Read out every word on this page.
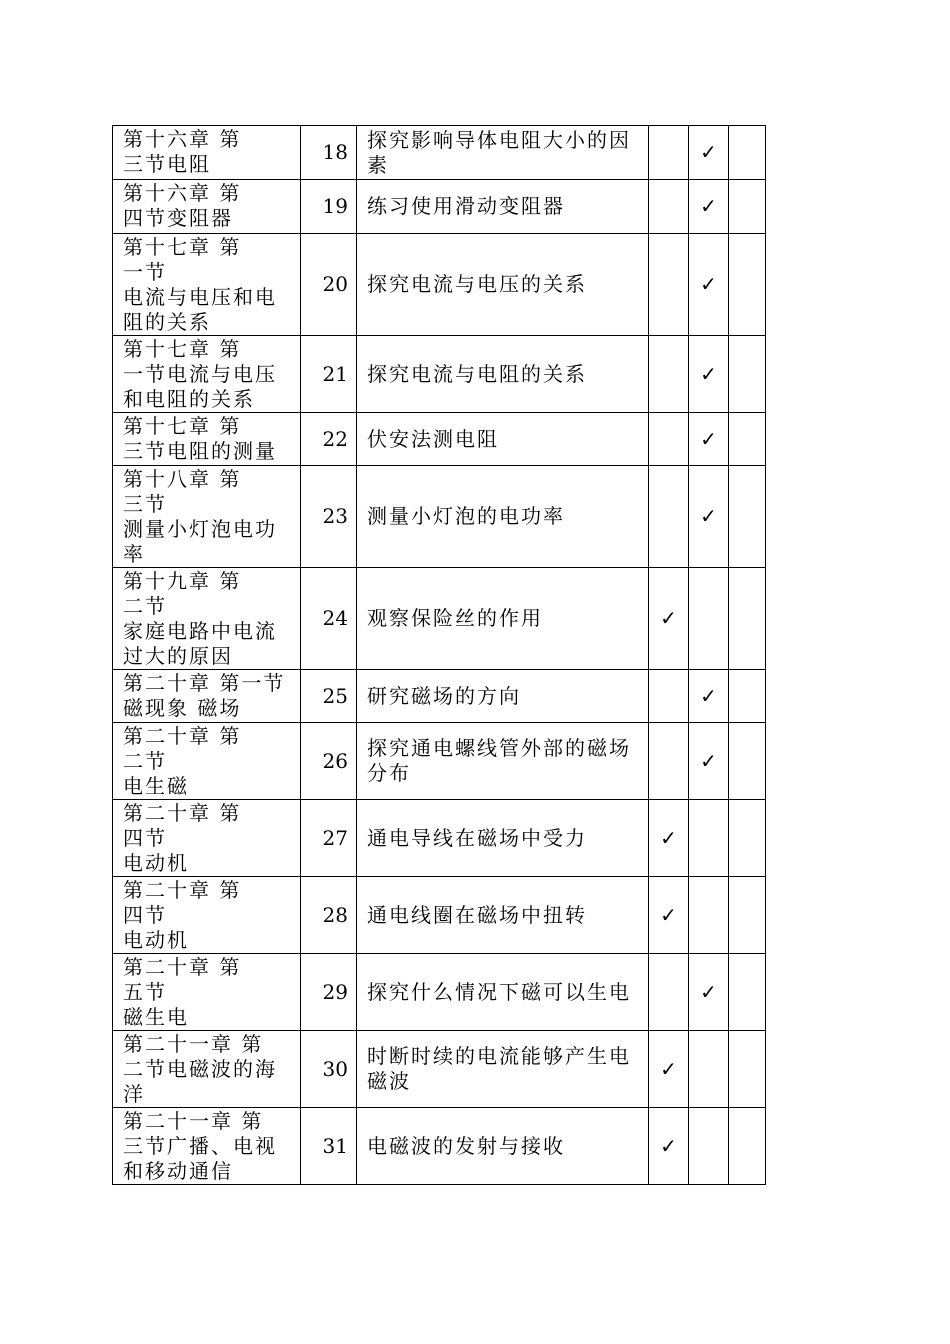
第十六章 第
三节电阻	18	探究影响导体电阻大小的因素		✓	
第十六章 第
四节变阻器	19	练习使用滑动变阻器		✓	
第十七章 第
一节
电流与电压和电阻的关系	20	探究电流与电压的关系		✓	
第十七章 第
一节电流与电压和电阻的关系	21	探究电流与电阻的关系		✓	
第十七章 第
三节电阻的测量	22	伏安法测电阻		✓	
第十八章 第
三节
测量小灯泡电功率	23	测量小灯泡的电功率		✓	
第十九章 第
二节
家庭电路中电流过大的原因	24	观察保险丝的作用	✓		
第二十章 第一节
磁现象 磁场	25	研究磁场的方向		✓	
第二十章 第
二节
电生磁	26	探究通电螺线管外部的磁场分布		✓	
第二十章 第
四节
电动机	27	通电导线在磁场中受力	✓		
第二十章 第
四节
电动机	28	通电线圈在磁场中扭转	✓		
第二十章 第
五节
磁生电	29	探究什么情况下磁可以生电		✓	
第二十一章 第
二节电磁波的海洋	30	时断时续的电流能够产生电磁波	✓		
第二十一章 第
三节广播、电视和移动通信	31	电磁波的发射与接收	✓		
